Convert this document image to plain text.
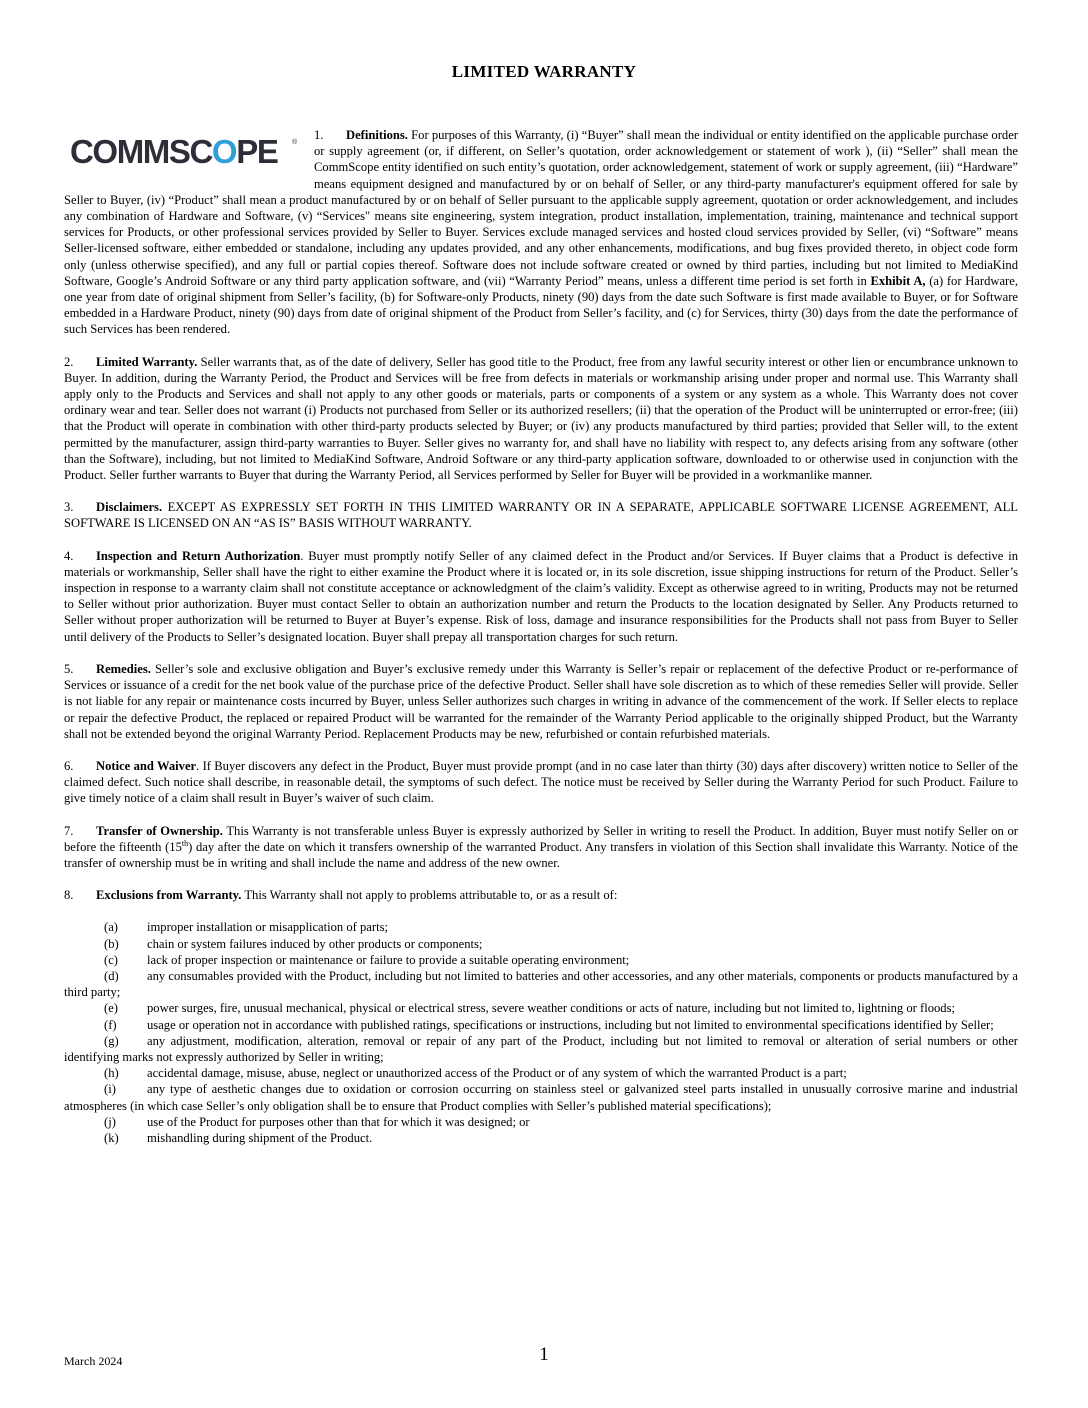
LIMITED WARRANTY
COMMSCOPE ®

1. Definitions. For purposes of this Warranty, (i) “Buyer” shall mean the individual or entity identified on the applicable purchase order or supply agreement (or, if different, on Seller’s quotation, order acknowledgement or statement of work ), (ii) “Seller” shall mean the CommScope entity identified on such entity’s quotation, order acknowledgement, statement of work or supply agreement, (iii) “Hardware” means equipment designed and manufactured by or on behalf of Seller, or any third-party manufacturer's equipment offered for sale by Seller to Buyer, (iv) “Product” shall mean a product manufactured by or on behalf of Seller pursuant to the applicable supply agreement, quotation or order acknowledgement, and includes any combination of Hardware and Software, (v) “Services" means site engineering, system integration, product installation, implementation, training, maintenance and technical support services for Products, or other professional services provided by Seller to Buyer. Services exclude managed services and hosted cloud services provided by Seller, (vi) “Software” means Seller-licensed software, either embedded or standalone, including any updates provided, and any other enhancements, modifications, and bug fixes provided thereto, in object code form only (unless otherwise specified), and any full or partial copies thereof. Software does not include software created or owned by third parties, including but not limited to MediaKind Software, Google’s Android Software or any third party application software, and (vii) “Warranty Period” means, unless a different time period is set forth in Exhibit A, (a) for Hardware, one year from date of original shipment from Seller’s facility, (b) for Software-only Products, ninety (90) days from the date such Software is first made available to Buyer, or for Software embedded in a Hardware Product, ninety (90) days from date of original shipment of the Product from Seller’s facility, and (c) for Services, thirty (30) days from the date the performance of such Services has been rendered.

2. Limited Warranty. Seller warrants that, as of the date of delivery, Seller has good title to the Product, free from any lawful security interest or other lien or encumbrance unknown to Buyer. In addition, during the Warranty Period, the Product and Services will be free from defects in materials or workmanship arising under proper and normal use. This Warranty shall apply only to the Products and Services and shall not apply to any other goods or materials, parts or components of a system or any system as a whole. This Warranty does not cover ordinary wear and tear. Seller does not warrant (i) Products not purchased from Seller or its authorized resellers; (ii) that the operation of the Product will be uninterrupted or error-free; (iii) that the Product will operate in combination with other third-party products selected by Buyer; or (iv) any products manufactured by third parties; provided that Seller will, to the extent permitted by the manufacturer, assign third-party warranties to Buyer. Seller gives no warranty for, and shall have no liability with respect to, any defects arising from any software (other than the Software), including, but not limited to MediaKind Software, Android Software or any third-party application software, downloaded to or otherwise used in conjunction with the Product. Seller further warrants to Buyer that during the Warranty Period, all Services performed by Seller for Buyer will be provided in a workmanlike manner.

3. Disclaimers. EXCEPT AS EXPRESSLY SET FORTH IN THIS LIMITED WARRANTY OR IN A SEPARATE, APPLICABLE SOFTWARE LICENSE AGREEMENT, ALL SOFTWARE IS LICENSED ON AN “AS IS” BASIS WITHOUT WARRANTY.

4. Inspection and Return Authorization. Buyer must promptly notify Seller of any claimed defect in the Product and/or Services. If Buyer claims that a Product is defective in materials or workmanship, Seller shall have the right to either examine the Product where it is located or, in its sole discretion, issue shipping instructions for return of the Product. Seller’s inspection in response to a warranty claim shall not constitute acceptance or acknowledgment of the claim’s validity. Except as otherwise agreed to in writing, Products may not be returned to Seller without prior authorization. Buyer must contact Seller to obtain an authorization number and return the Products to the location designated by Seller. Any Products returned to Seller without proper authorization will be returned to Buyer at Buyer’s expense. Risk of loss, damage and insurance responsibilities for the Products shall not pass from Buyer to Seller until delivery of the Products to Seller’s designated location. Buyer shall prepay all transportation charges for such return.

5. Remedies. Seller’s sole and exclusive obligation and Buyer’s exclusive remedy under this Warranty is Seller’s repair or replacement of the defective Product or re-performance of Services or issuance of a credit for the net book value of the purchase price of the defective Product. Seller shall have sole discretion as to which of these remedies Seller will provide. Seller is not liable for any repair or maintenance costs incurred by Buyer, unless Seller authorizes such charges in writing in advance of the commencement of the work. If Seller elects to replace or repair the defective Product, the replaced or repaired Product will be warranted for the remainder of the Warranty Period applicable to the originally shipped Product, but the Warranty shall not be extended beyond the original Warranty Period. Replacement Products may be new, refurbished or contain refurbished materials.

6. Notice and Waiver. If Buyer discovers any defect in the Product, Buyer must provide prompt (and in no case later than thirty (30) days after discovery) written notice to Seller of the claimed defect. Such notice shall describe, in reasonable detail, the symptoms of such defect. The notice must be received by Seller during the Warranty Period for such Product. Failure to give timely notice of a claim shall result in Buyer’s waiver of such claim.

7. Transfer of Ownership. This Warranty is not transferable unless Buyer is expressly authorized by Seller in writing to resell the Product. In addition, Buyer must notify Seller on or before the fifteenth (15th) day after the date on which it transfers ownership of the warranted Product. Any transfers in violation of this Section shall invalidate this Warranty. Notice of the transfer of ownership must be in writing and shall include the name and address of the new owner.

8. Exclusions from Warranty. This Warranty shall not apply to problems attributable to, or as a result of:

(a) improper installation or misapplication of parts;

(b) chain or system failures induced by other products or components;

(c) lack of proper inspection or maintenance or failure to provide a suitable operating environment;

(d) any consumables provided with the Product, including but not limited to batteries and other accessories, and any other materials, components or products manufactured by a third party;

(e) power surges, fire, unusual mechanical, physical or electrical stress, severe weather conditions or acts of nature, including but not limited to, lightning or floods;

(f) usage or operation not in accordance with published ratings, specifications or instructions, including but not limited to environmental specifications identified by Seller;

(g) any adjustment, modification, alteration, removal or repair of any part of the Product, including but not limited to removal or alteration of serial numbers or other identifying marks not expressly authorized by Seller in writing;

(h) accidental damage, misuse, abuse, neglect or unauthorized access of the Product or of any system of which the warranted Product is a part;

(i) any type of aesthetic changes due to oxidation or corrosion occurring on stainless steel or galvanized steel parts installed in unusually corrosive marine and industrial atmospheres (in which case Seller’s only obligation shall be to ensure that Product complies with Seller’s published material specifications);

(j) use of the Product for purposes other than that for which it was designed; or

(k) mishandling during shipment of the Product.

March 2024	1
